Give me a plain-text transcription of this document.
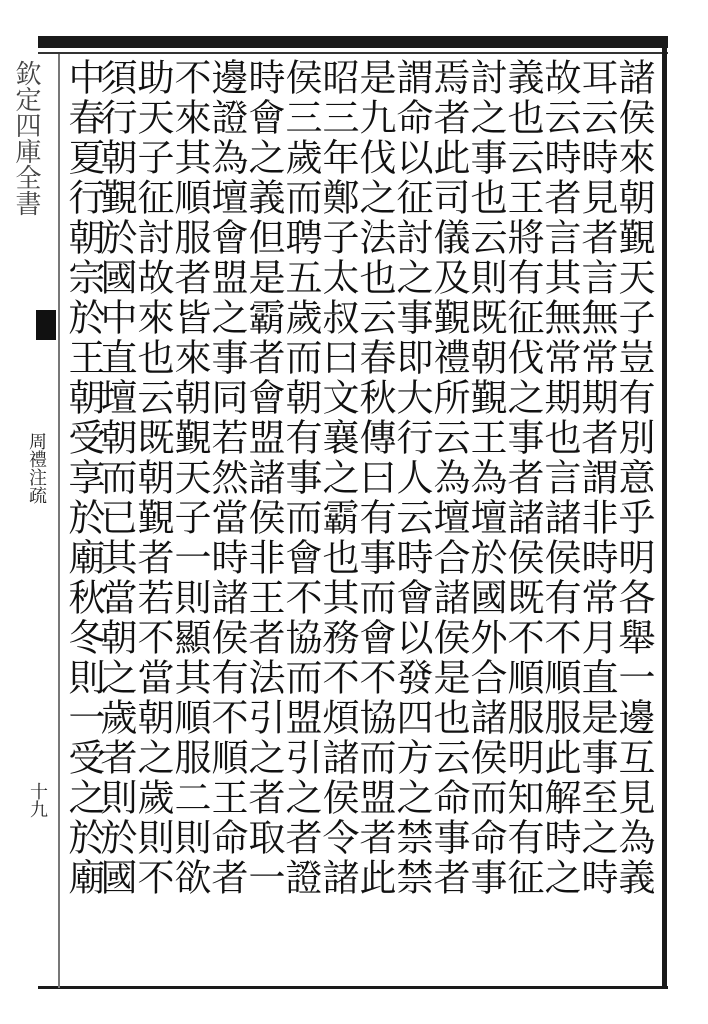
欽定四庫全書
周禮注疏
十九	諸侯來朝覲天子豈有別意乎明各舉一邊互見為義
耳云時見者言無常期者謂非時常月直是事至之時
故云時者言其無常期也言諸侯有不順服此解時之
義也云王將有征伐之事者諸侯既不順服明知有征
討之事也云則既朝覲王為壇於國外合諸侯而命事
焉者此司儀及覲禮所云為壇合諸侯是也云命事者
謂命以征討之事即大行人云時會以發四方之禁禁
是九伐之法也云春秋傳曰有事而會不協而盟者此
昭三年鄭子太叔曰文襄之霸也其務不煩諸侯令諸
侯三歲而聘五歲而朝有事而會不協而盟引之者證
時會之義但是霸者會盟諸侯非王者法引之者取一
邊證為壇會盟之事同若然當時諸侯有不順王命者
不來其順服者皆來朝覲天子一則顯其順服二則欲
助天子征討故來也云既朝覲者若不當朝之歲則不
須行朝覲於國中直壇朝而已其當朝之歲者則於國
中春夏行朝宗於王朝受享於廟秋冬則一受之於廟
